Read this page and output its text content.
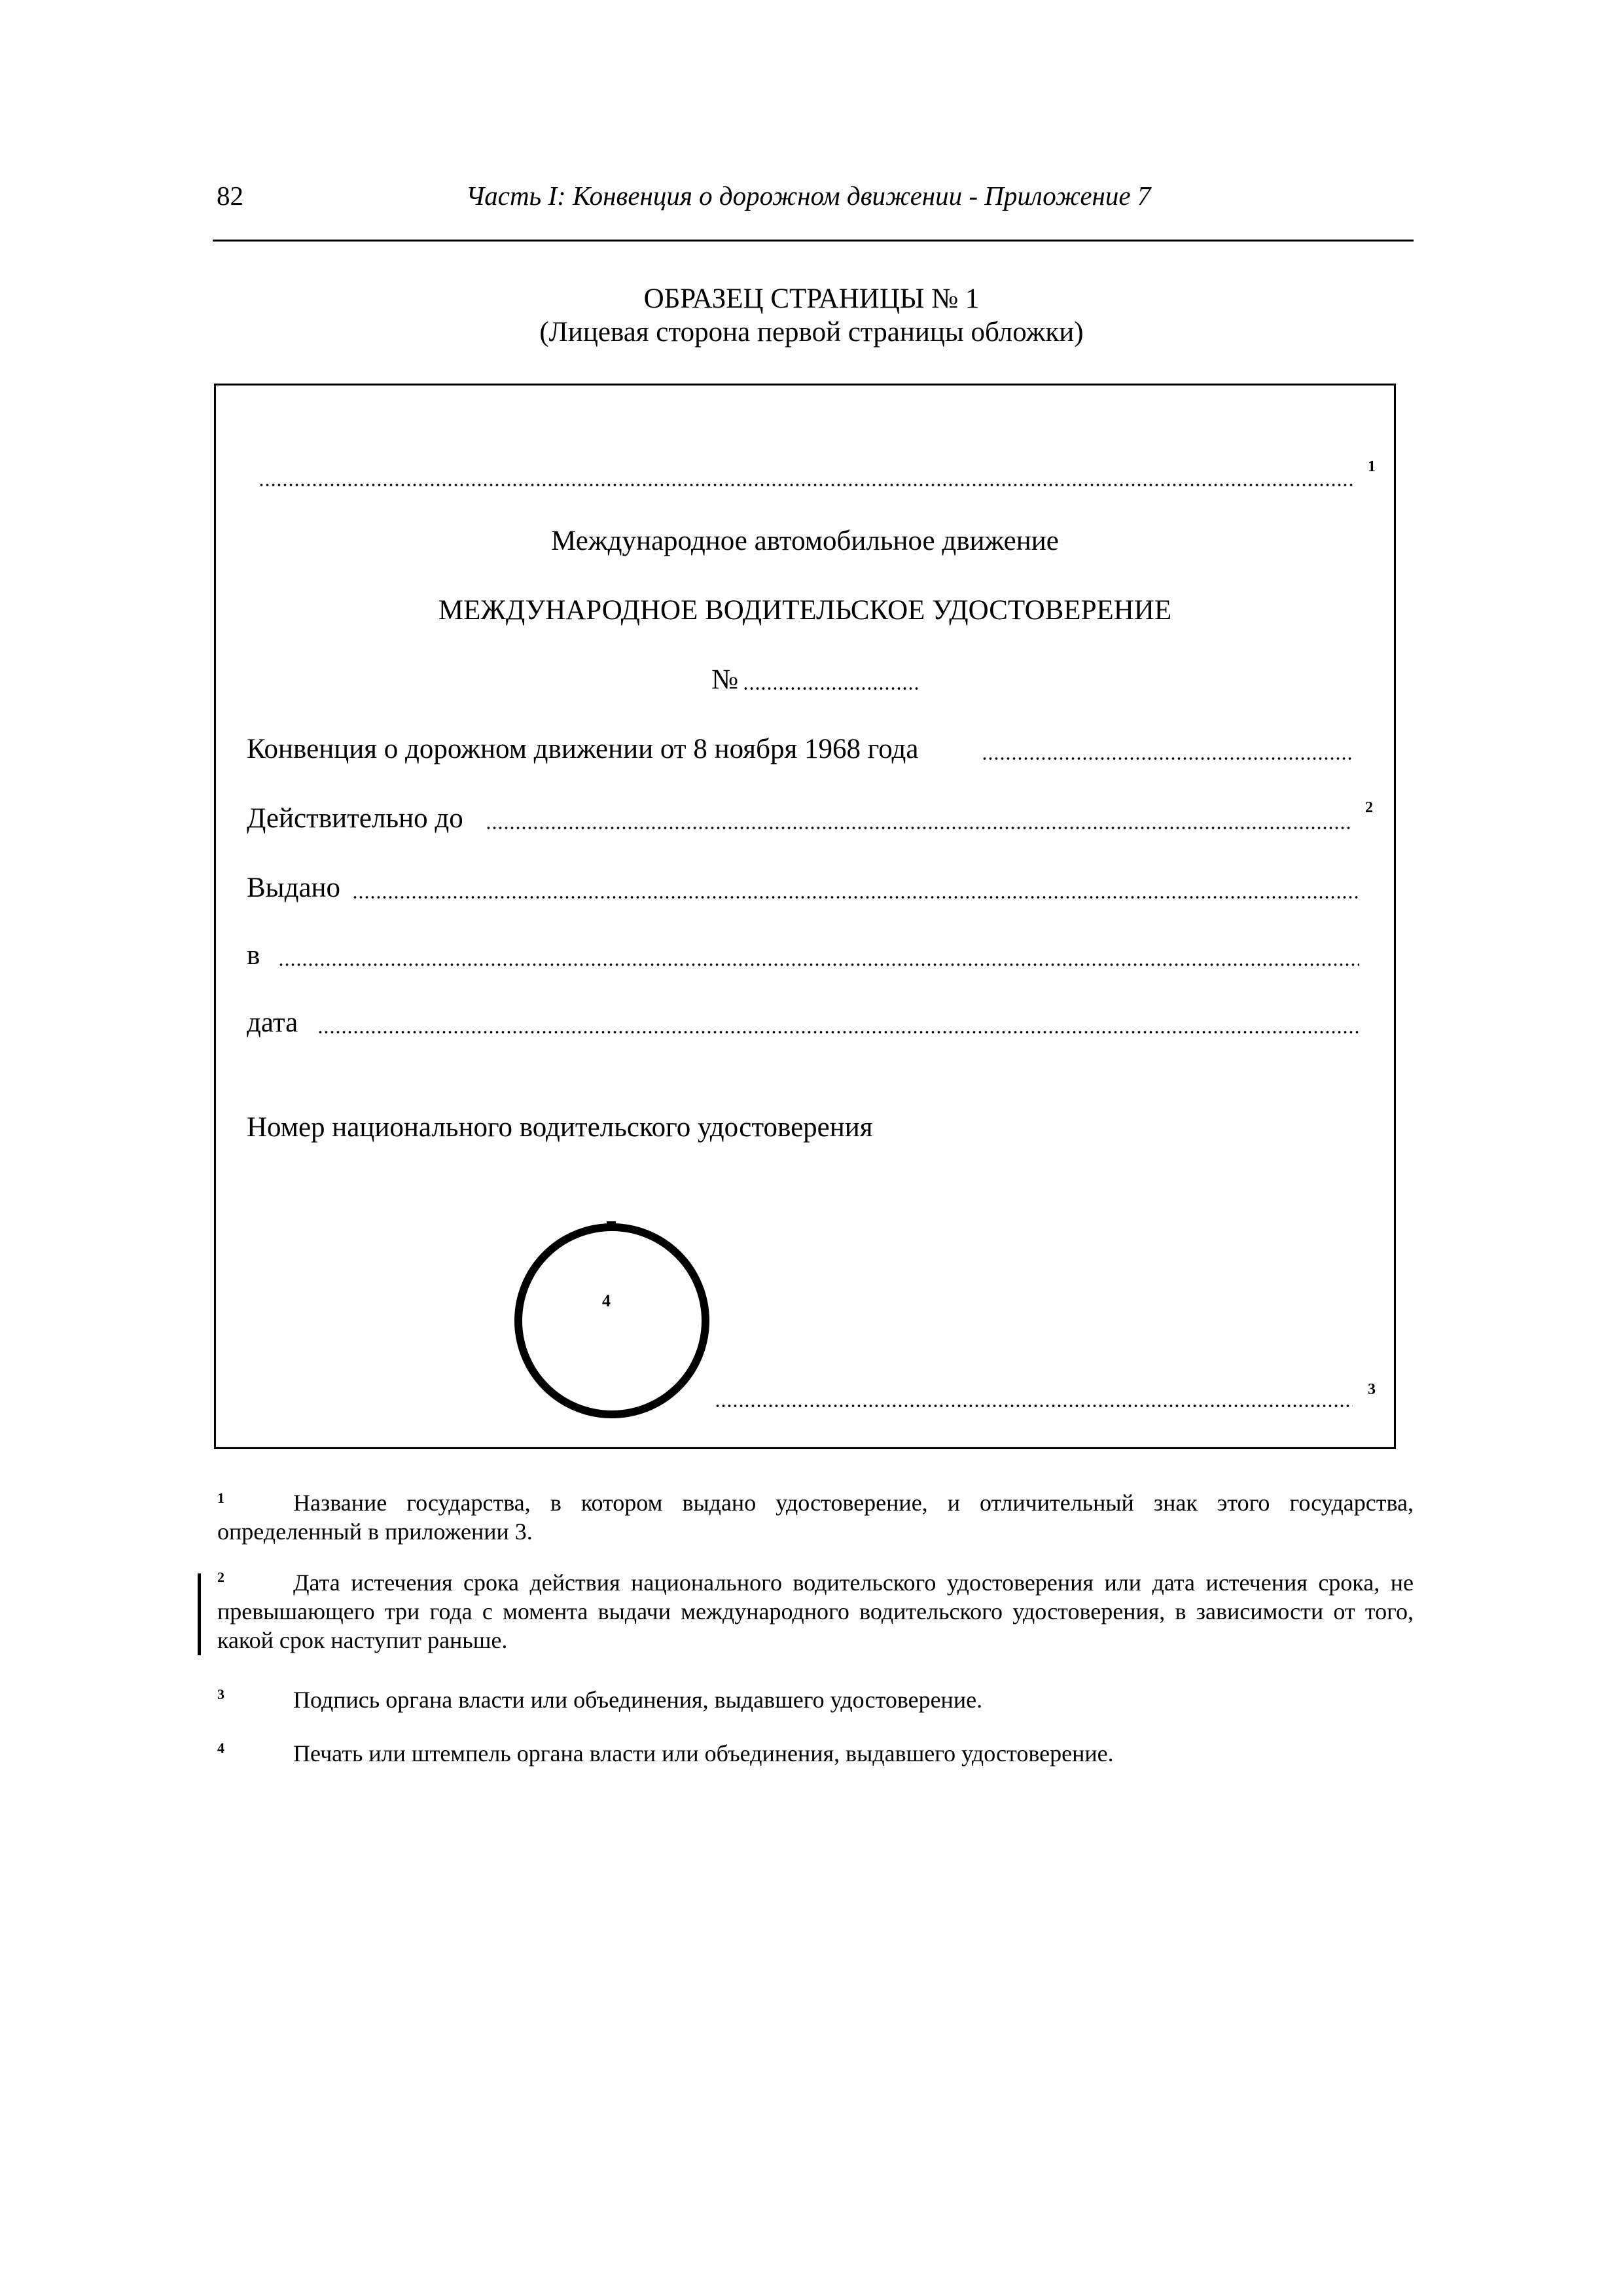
82	Часть I: Конвенция о дорожном движении - Приложение 7
ОБРАЗЕЦ СТРАНИЦЫ № 1
(Лицевая сторона первой страницы обложки)
1
Международное автомобильное движение
МЕЖДУНАРОДНОЕ ВОДИТЕЛЬСКОЕ УДОСТОВЕРЕНИЕ
№
Конвенция о дорожном движении от 8 ноября 1968 года
Действительно до	2
Выдано
в
дата
Номер национального водительского удостоверения
4
3
1	Название государства, в котором выдано удостоверение, и отличительный знак этого государства, определенный в приложении 3.
2	Дата истечения срока действия национального водительского удостоверения или дата истечения срока, не превышающего три года с момента выдачи международного водительского удостоверения, в зависимости от того, какой срок наступит раньше.
3	Подпись органа власти или объединения, выдавшего удостоверение.
4	Печать или штемпель органа власти или объединения, выдавшего удостоверение.
